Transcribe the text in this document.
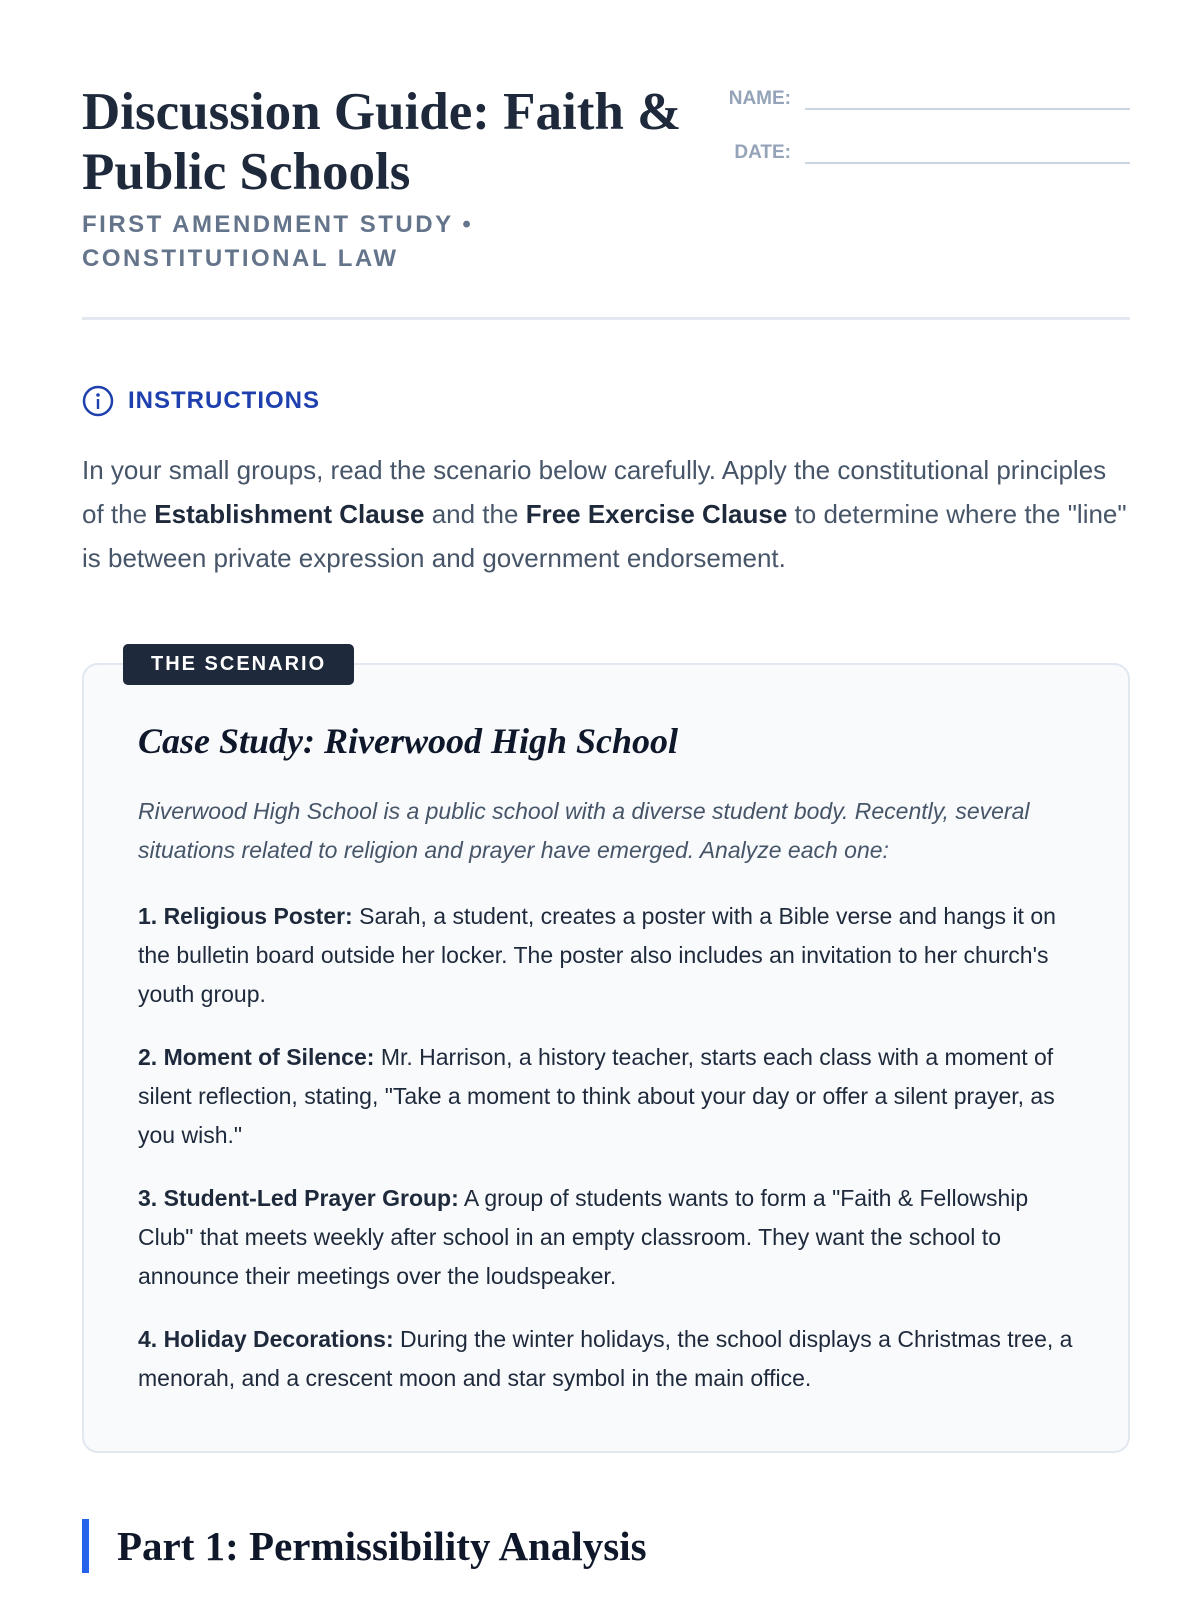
Discussion Guide: Faith & Public Schools
FIRST AMENDMENT STUDY • CONSTITUTIONAL LAW
NAME:
DATE:
INSTRUCTIONS

In your small groups, read the scenario below carefully. Apply the constitutional principles of the Establishment Clause and the Free Exercise Clause to determine where the "line" is between private expression and government endorsement.

THE SCENARIO
Case Study: Riverwood High School

Riverwood High School is a public school with a diverse student body. Recently, several situations related to religion and prayer have emerged. Analyze each one:

1. Religious Poster: Sarah, a student, creates a poster with a Bible verse and hangs it on the bulletin board outside her locker. The poster also includes an invitation to her church's youth group.

2. Moment of Silence: Mr. Harrison, a history teacher, starts each class with a moment of silent reflection, stating, "Take a moment to think about your day or offer a silent prayer, as you wish."

3. Student-Led Prayer Group: A group of students wants to form a "Faith & Fellowship Club" that meets weekly after school in an empty classroom. They want the school to announce their meetings over the loudspeaker.

4. Holiday Decorations: During the winter holidays, the school displays a Christmas tree, a menorah, and a crescent moon and star symbol in the main office.

Part 1: Permissibility Analysis
